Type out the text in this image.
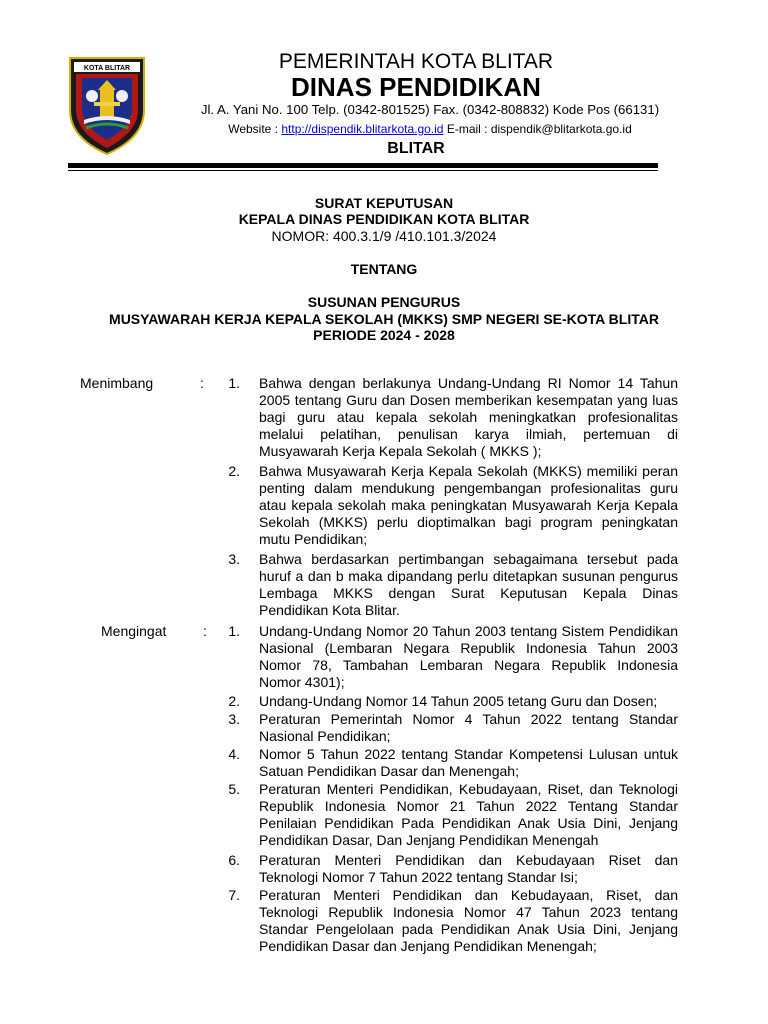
KOTA BLITAR	PEMERINTAH KOTA BLITAR
DINAS PENDIDIKAN
Jl. A. Yani No. 100 Telp. (0342-801525) Fax. (0342-808832) Kode Pos (66131)
Website : http://dispendik.blitarkota.go.id E-mail : dispendik@blitarkota.go.id
BLITAR
SURAT KEPUTUSAN
KEPALA DINAS PENDIDIKAN KOTA BLITAR
NOMOR: 400.3.1/9 /410.101.3/2024
TENTANG
SUSUNAN PENGURUS
MUSYAWARAH KERJA KEPALA SEKOLAH (MKKS) SMP NEGERI SE-KOTA BLITAR
PERIODE 2024 - 2028
Menimbang	: 1. Bahwa dengan berlakunya Undang-Undang RI Nomor 14 Tahun 2005 tentang Guru dan Dosen memberikan kesempatan yang luas bagi guru atau kepala sekolah meningkatkan profesionalitas melalui pelatihan, penulisan karya ilmiah, pertemuan di Musyawarah Kerja Kepala Sekolah ( MKKS );
2. Bahwa Musyawarah Kerja Kepala Sekolah (MKKS) memiliki peran penting dalam mendukung pengembangan profesionalitas guru atau kepala sekolah maka peningkatan Musyawarah Kerja Kepala Sekolah (MKKS) perlu dioptimalkan bagi program peningkatan mutu Pendidikan;
3. Bahwa berdasarkan pertimbangan sebagaimana tersebut pada huruf a dan b maka dipandang perlu ditetapkan susunan pengurus Lembaga MKKS dengan Surat Keputusan Kepala Dinas Pendidikan Kota Blitar.
Mengingat	: 1. Undang-Undang Nomor 20 Tahun 2003 tentang Sistem Pendidikan Nasional (Lembaran Negara Republik Indonesia Tahun 2003 Nomor 78, Tambahan Lembaran Negara Republik Indonesia Nomor 4301);
2. Undang-Undang Nomor 14 Tahun 2005 tetang Guru dan Dosen;
3. Peraturan Pemerintah Nomor 4 Tahun 2022 tentang Standar Nasional Pendidikan;
4. Nomor 5 Tahun 2022 tentang Standar Kompetensi Lulusan untuk Satuan Pendidikan Dasar dan Menengah;
5. Peraturan Menteri Pendidikan, Kebudayaan, Riset, dan Teknologi Republik Indonesia Nomor 21 Tahun 2022 Tentang Standar Penilaian Pendidikan Pada Pendidikan Anak Usia Dini, Jenjang Pendidikan Dasar, Dan Jenjang Pendidikan Menengah
6. Peraturan Menteri Pendidikan dan Kebudayaan Riset dan Teknologi Nomor 7 Tahun 2022 tentang Standar Isi;
7. Peraturan Menteri Pendidikan dan Kebudayaan, Riset, dan Teknologi Republik Indonesia Nomor 47 Tahun 2023 tentang Standar Pengelolaan pada Pendidikan Anak Usia Dini, Jenjang Pendidikan Dasar dan Jenjang Pendidikan Menengah;
